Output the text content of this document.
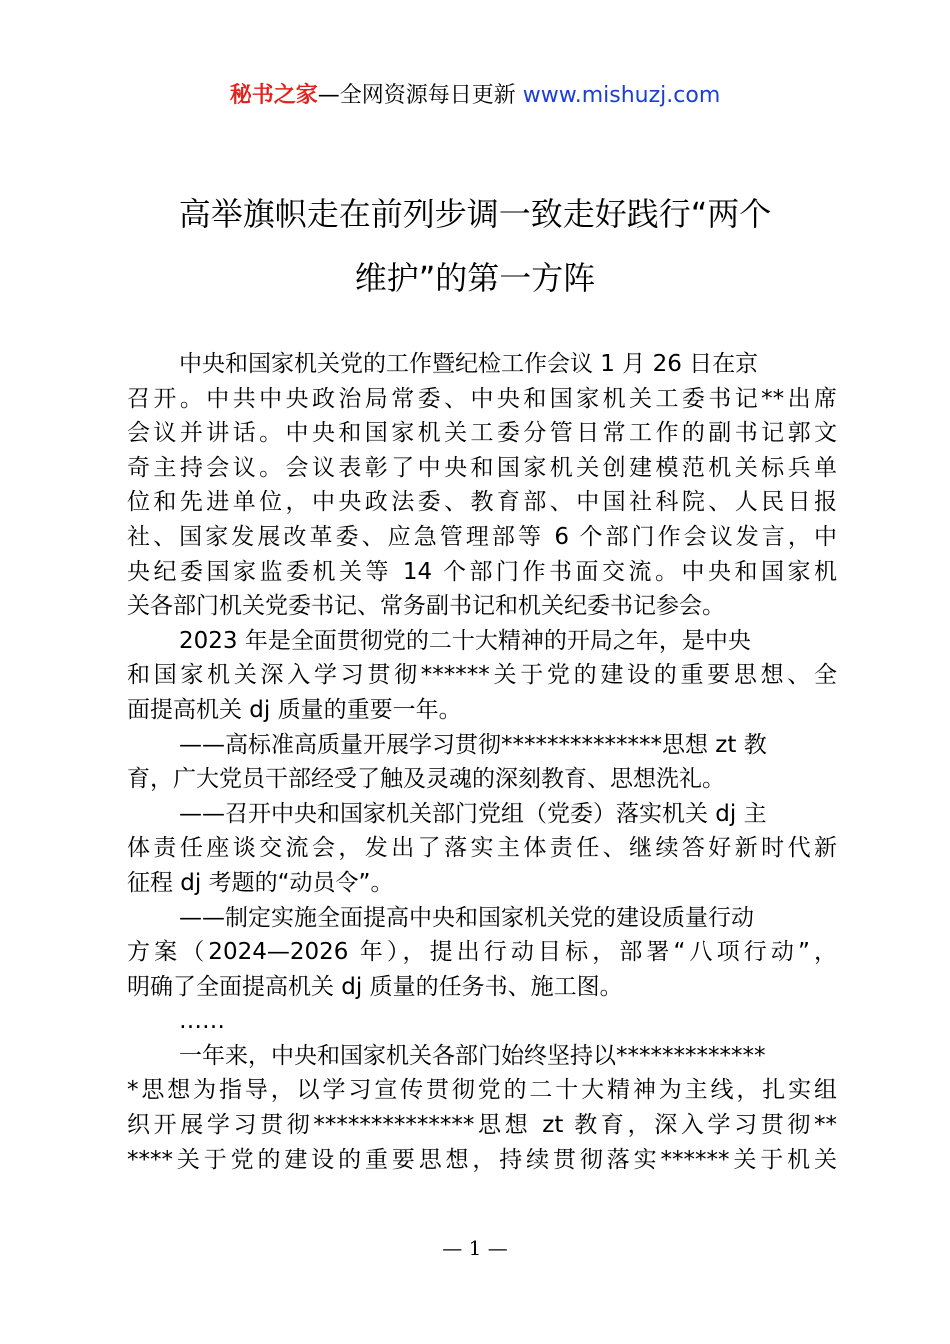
秘书之家—全网资源每日更新 www.mishuzj.com
高举旗帜走在前列步调一致走好践行“两个
维护”的第一方阵
中央和国家机关党的工作暨纪检工作会议 1 月 26 日在京
召开。中共中央政治局常委、中央和国家机关工委书记**出席
会议并讲话。中央和国家机关工委分管日常工作的副书记郭文
奇主持会议。会议表彰了中央和国家机关创建模范机关标兵单
位和先进单位，中央政法委、教育部、中国社科院、人民日报
社、国家发展改革委、应急管理部等 6 个部门作会议发言，中
央纪委国家监委机关等 14 个部门作书面交流。中央和国家机
关各部门机关党委书记、常务副书记和机关纪委书记参会。
2023 年是全面贯彻党的二十大精神的开局之年，是中央
和国家机关深入学习贯彻******关于党的建设的重要思想、全
面提高机关 dj 质量的重要一年。
——高标准高质量开展学习贯彻**************思想 zt 教
育，广大党员干部经受了触及灵魂的深刻教育、思想洗礼。
——召开中央和国家机关部门党组（党委）落实机关 dj 主
体责任座谈交流会，发出了落实主体责任、继续答好新时代新
征程 dj 考题的“动员令”。
——制定实施全面提高中央和国家机关党的建设质量行动
方案（2024—2026 年），提出行动目标，部署“八项行动”，
明确了全面提高机关 dj 质量的任务书、施工图。
……
一年来，中央和国家机关各部门始终坚持以*************
*思想为指导，以学习宣传贯彻党的二十大精神为主线，扎实组
织开展学习贯彻**************思想 zt 教育，深入学习贯彻**
****关于党的建设的重要思想，持续贯彻落实******关于机关
— 1 —
